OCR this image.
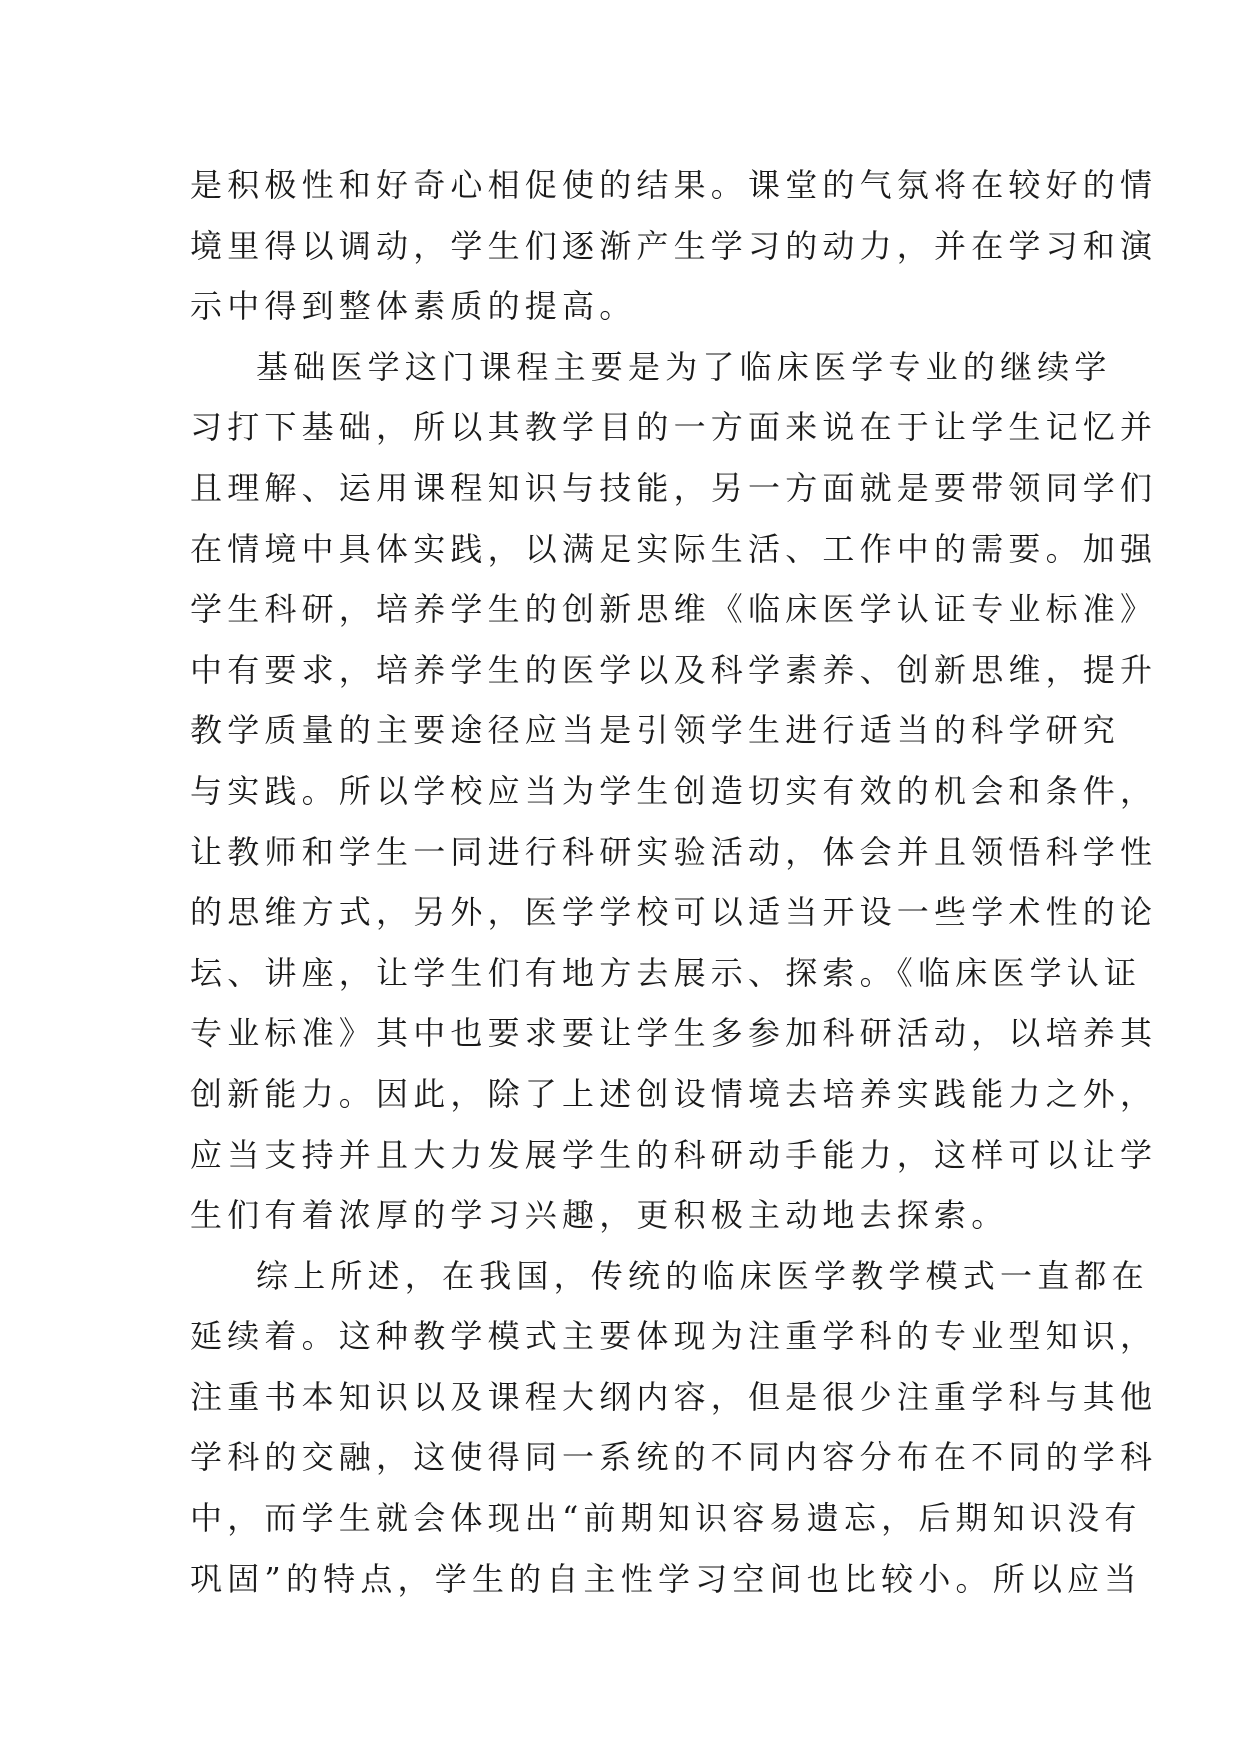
是积极性和好奇心相促使的结果。课堂的气氛将在较好的情
境里得以调动，学生们逐渐产生学习的动力，并在学习和演
示中得到整体素质的提高。
基础医学这门课程主要是为了临床医学专业的继续学
习打下基础，所以其教学目的一方面来说在于让学生记忆并
且理解、运用课程知识与技能，另一方面就是要带领同学们
在情境中具体实践，以满足实际生活、工作中的需要。加强
学生科研，培养学生的创新思维《临床医学认证专业标准》
中有要求，培养学生的医学以及科学素养、创新思维，提升
教学质量的主要途径应当是引领学生进行适当的科学研究
与实践。所以学校应当为学生创造切实有效的机会和条件，
让教师和学生一同进行科研实验活动，体会并且领悟科学性
的思维方式，另外，医学学校可以适当开设一些学术性的论
坛、讲座，让学生们有地方去展示、探索。《临床医学认证
专业标准》其中也要求要让学生多参加科研活动，以培养其
创新能力。因此，除了上述创设情境去培养实践能力之外，
应当支持并且大力发展学生的科研动手能力，这样可以让学
生们有着浓厚的学习兴趣，更积极主动地去探索。
综上所述，在我国，传统的临床医学教学模式一直都在
延续着。这种教学模式主要体现为注重学科的专业型知识，
注重书本知识以及课程大纲内容，但是很少注重学科与其他
学科的交融，这使得同一系统的不同内容分布在不同的学科
中，而学生就会体现出“前期知识容易遗忘，后期知识没有
巩固”的特点，学生的自主性学习空间也比较小。所以应当
